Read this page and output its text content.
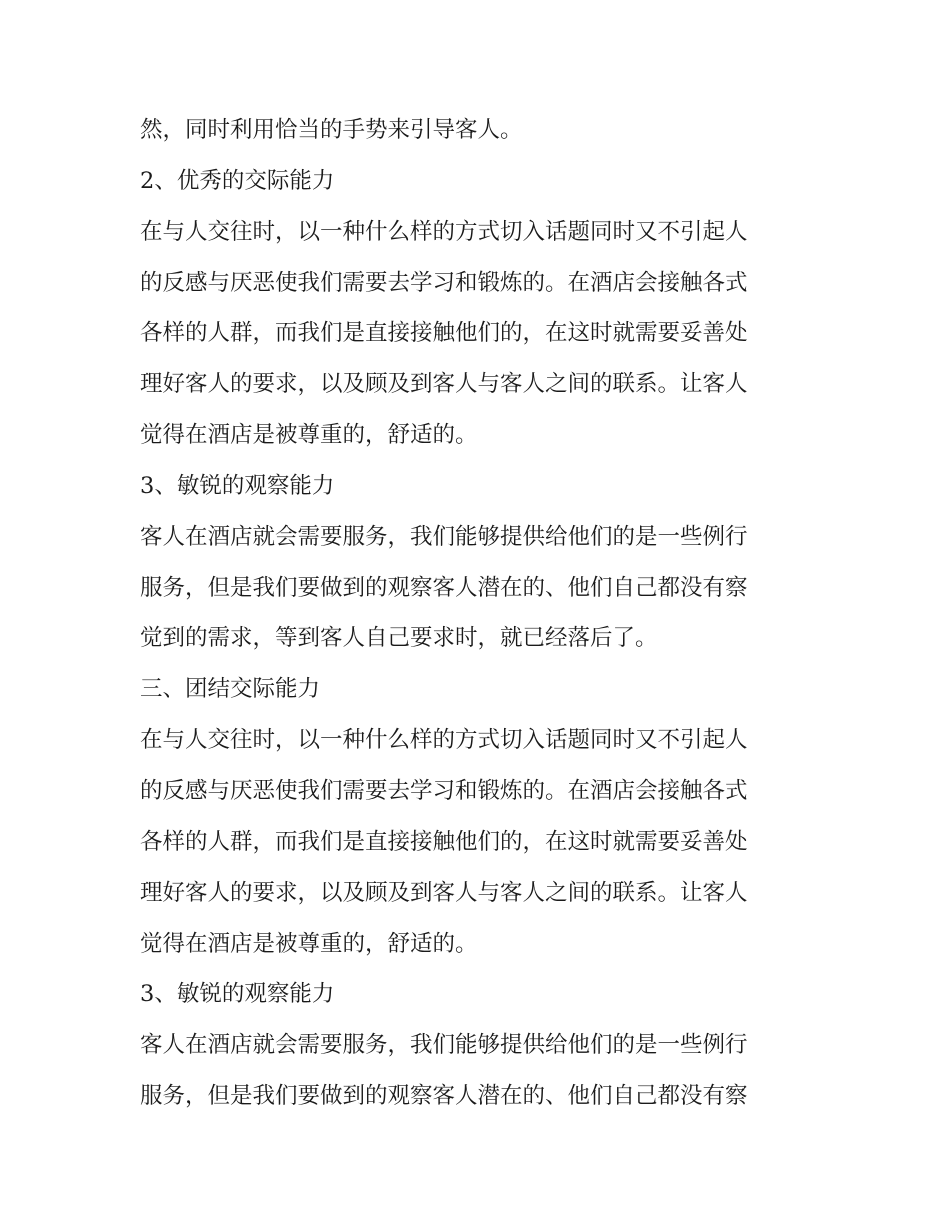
然，同时利用恰当的手势来引导客人。
2、优秀的交际能力
在与人交往时，以一种什么样的方式切入话题同时又不引起人
的反感与厌恶使我们需要去学习和锻炼的。在酒店会接触各式
各样的人群，而我们是直接接触他们的，在这时就需要妥善处
理好客人的要求，以及顾及到客人与客人之间的联系。让客人
觉得在酒店是被尊重的，舒适的。
3、敏锐的观察能力
客人在酒店就会需要服务，我们能够提供给他们的是一些例行
服务，但是我们要做到的观察客人潜在的、他们自己都没有察
觉到的需求，等到客人自己要求时，就已经落后了。
三、团结交际能力
在与人交往时，以一种什么样的方式切入话题同时又不引起人
的反感与厌恶使我们需要去学习和锻炼的。在酒店会接触各式
各样的人群，而我们是直接接触他们的，在这时就需要妥善处
理好客人的要求，以及顾及到客人与客人之间的联系。让客人
觉得在酒店是被尊重的，舒适的。
3、敏锐的观察能力
客人在酒店就会需要服务，我们能够提供给他们的是一些例行
服务，但是我们要做到的观察客人潜在的、他们自己都没有察
